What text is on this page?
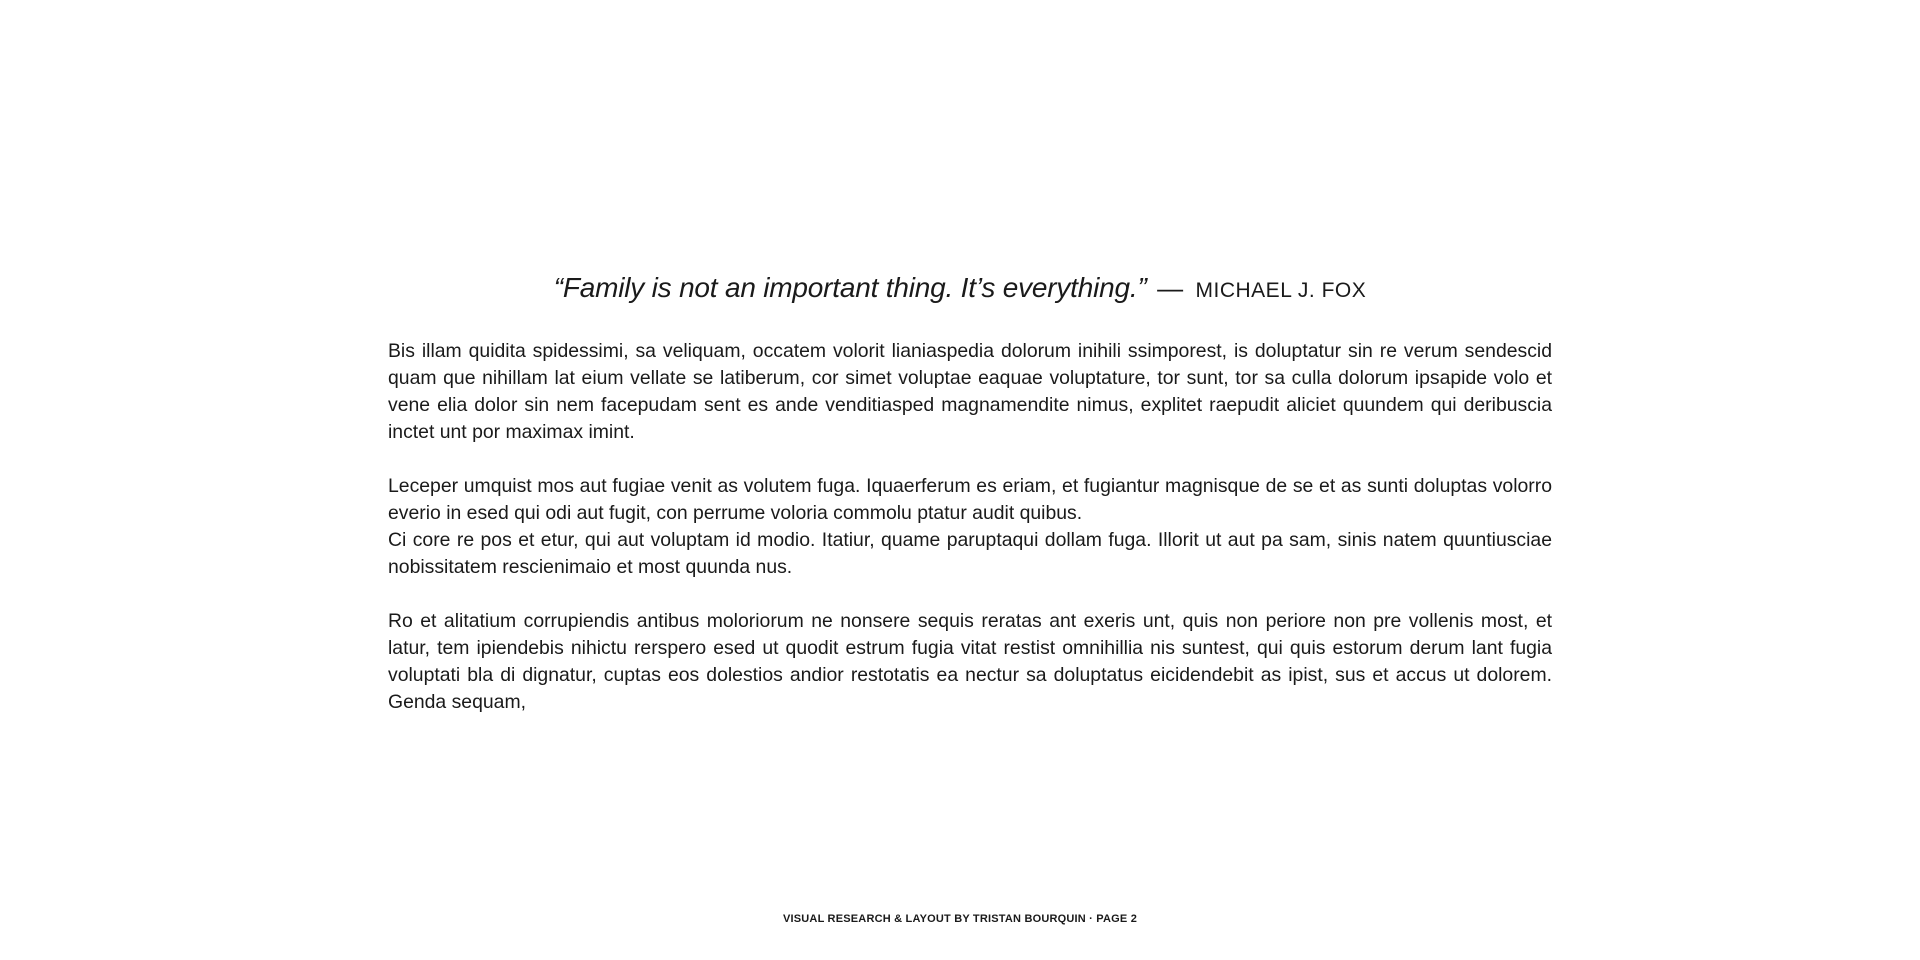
“Family is not an important thing. It’s everything.” — MICHAEL J. FOX

Bis illam quidita spidessimi, sa veliquam, occatem volorit lianiaspedia dolorum inihili ssimporest, is doluptatur sin re verum sendescid quam que nihillam lat eium vellate se latiberum, cor simet voluptae eaquae voluptature, tor sunt, tor sa culla dolorum ipsapide volo et vene elia dolor sin nem facepudam sent es ande venditiasped magnamendite nimus, explitet raepudit aliciet quundem qui deribuscia inctet unt por maximax imint.

Leceper umquist mos aut fugiae venit as volutem fuga. Iquaerferum es eriam, et fugiantur magnisque de se et as sunti doluptas volorro everio in esed qui odi aut fugit, con perrume voloria commolu ptatur audit quibus.

Ci core re pos et etur, qui aut voluptam id modio. Itatiur, quame paruptaqui dollam fuga. Illorit ut aut pa sam, sinis natem quuntiusciae nobissitatem rescienimaio et most quunda nus.

Ro et alitatium corrupiendis antibus moloriorum ne nonsere sequis reratas ant exeris unt, quis non periore non pre vollenis most, et latur, tem ipiendebis nihictu rerspero esed ut quodit estrum fugia vitat restist omnihillia nis suntest, qui quis estorum derum lant fugia voluptati bla di dignatur, cuptas eos dolestios andior restotatis ea nectur sa doluptatus eicidendebit as ipist, sus et accus ut dolorem. Genda sequam,

VISUAL RESEARCH & LAYOUT BY TRISTAN BOURQUIN · PAGE 2
